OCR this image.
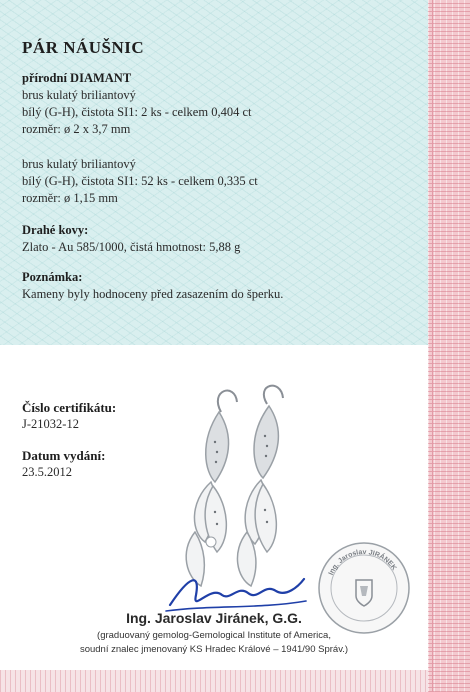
PÁR NÁUŠNIC
přírodní DIAMANT
brus kulatý briliantový
bílý (G-H), čistota SI1: 2 ks - celkem 0,404 ct
rozměr: ø 2 x 3,7 mm
brus kulatý briliantový
bílý (G-H), čistota SI1: 52 ks - celkem 0,335 ct
rozměr: ø 1,15 mm
Drahé kovy:
Zlato - Au 585/1000, čistá hmotnost: 5,88 g
Poznámka:
Kameny byly hodnoceny před zasazením do šperku.
Číslo certifikátu:
J-21032-12
Datum vydání:
23.5.2012
Ing. Jaroslav JIRÁNEK
Ing. Jaroslav Jiránek, G.G.
(graduovaný gemolog-Gemological Institute of America,
soudní znalec jmenovaný KS Hradec Králové – 1941/90 Správ.)
